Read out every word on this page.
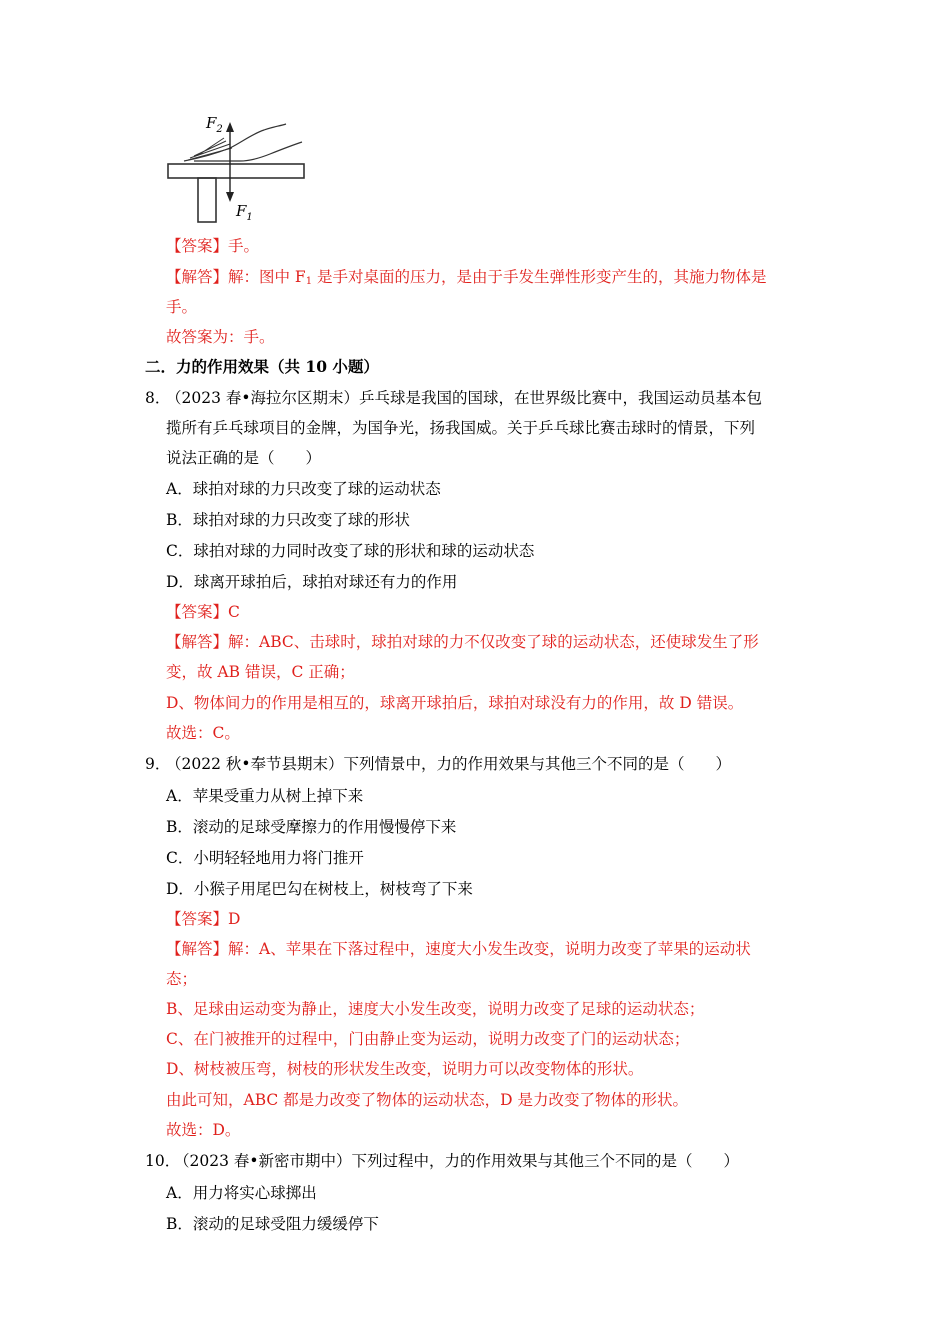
$F_2$
$F_1$
【答案】手。
【解答】解：图中 $F_1$ 是手对桌面的压力，是由于手发生弹性形变产生的，其施力物体是
手。
故答案为：手。
二．力的作用效果（共 10 小题）
8．
（2023 春•海拉尔区期末）乒乓球是我国的国球，在世界级比赛中，我国运动员基本包
揽所有乒乓球项目的金牌，为国争光，扬我国威。关于乒乓球比赛击球时的情景，下列
说法正确的是（　　）
A．球拍对球的力只改变了球的运动状态
B．球拍对球的力只改变了球的形状
C．球拍对球的力同时改变了球的形状和球的运动状态
D．球离开球拍后，球拍对球还有力的作用
【答案】C
【解答】解：ABC、击球时，球拍对球的力不仅改变了球的运动状态，还使球发生了形
变，故 AB 错误，C 正确；
D、物体间力的作用是相互的，球离开球拍后，球拍对球没有力的作用，故 D 错误。
故选：C。
9．
（2022 秋•奉节县期末）下列情景中，力的作用效果与其他三个不同的是（　　）
A．苹果受重力从树上掉下来
B．滚动的足球受摩擦力的作用慢慢停下来
C．小明轻轻地用力将门推开
D．小猴子用尾巴勾在树枝上，树枝弯了下来
【答案】D
【解答】解：A、苹果在下落过程中，速度大小发生改变，说明力改变了苹果的运动状
态；
B、足球由运动变为静止，速度大小发生改变，说明力改变了足球的运动状态；
C、在门被推开的过程中，门由静止变为运动，说明力改变了门的运动状态；
D、树枝被压弯，树枝的形状发生改变，说明力可以改变物体的形状。
由此可知，ABC 都是力改变了物体的运动状态，D 是力改变了物体的形状。
故选：D。
10．
（2023 春•新密市期中）下列过程中，力的作用效果与其他三个不同的是（　　）
A．用力将实心球掷出
B．滚动的足球受阻力缓缓停下
